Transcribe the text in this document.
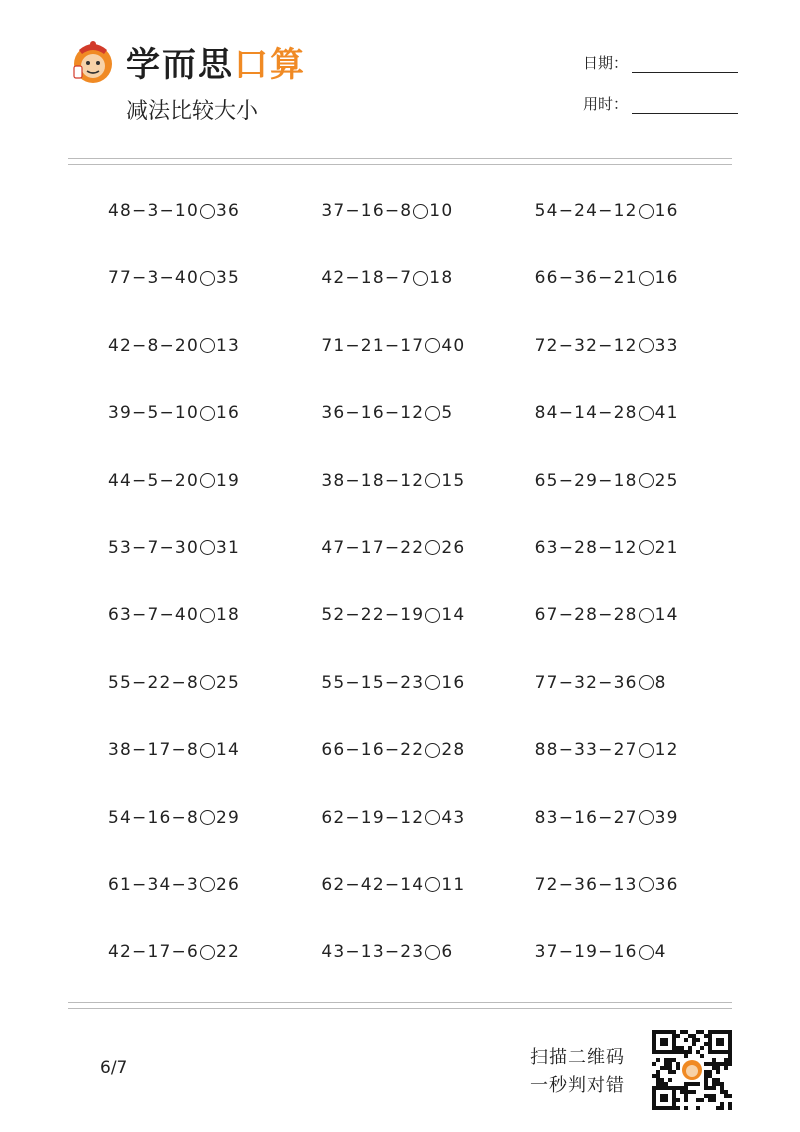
学而思口算
减法比较大小
日期：
用时：
48−3−10 36	37−16−8 10	54−24−12 16
77−3−40 35	42−18−7 18	66−36−21 16
42−8−20 13	71−21−17 40	72−32−12 33
39−5−10 16	36−16−12 5	84−14−28 41
44−5−20 19	38−18−12 15	65−29−18 25
53−7−30 31	47−17−22 26	63−28−12 21
63−7−40 18	52−22−19 14	67−28−28 14
55−22−8 25	55−15−23 16	77−32−36 8
38−17−8 14	66−16−22 28	88−33−27 12
54−16−8 29	62−19−12 43	83−16−27 39
61−34−3 26	62−42−14 11	72−36−13 36
42−17−6 22	43−13−23 6	37−19−16 4
6/7	扫描二维码
一秒判对错
